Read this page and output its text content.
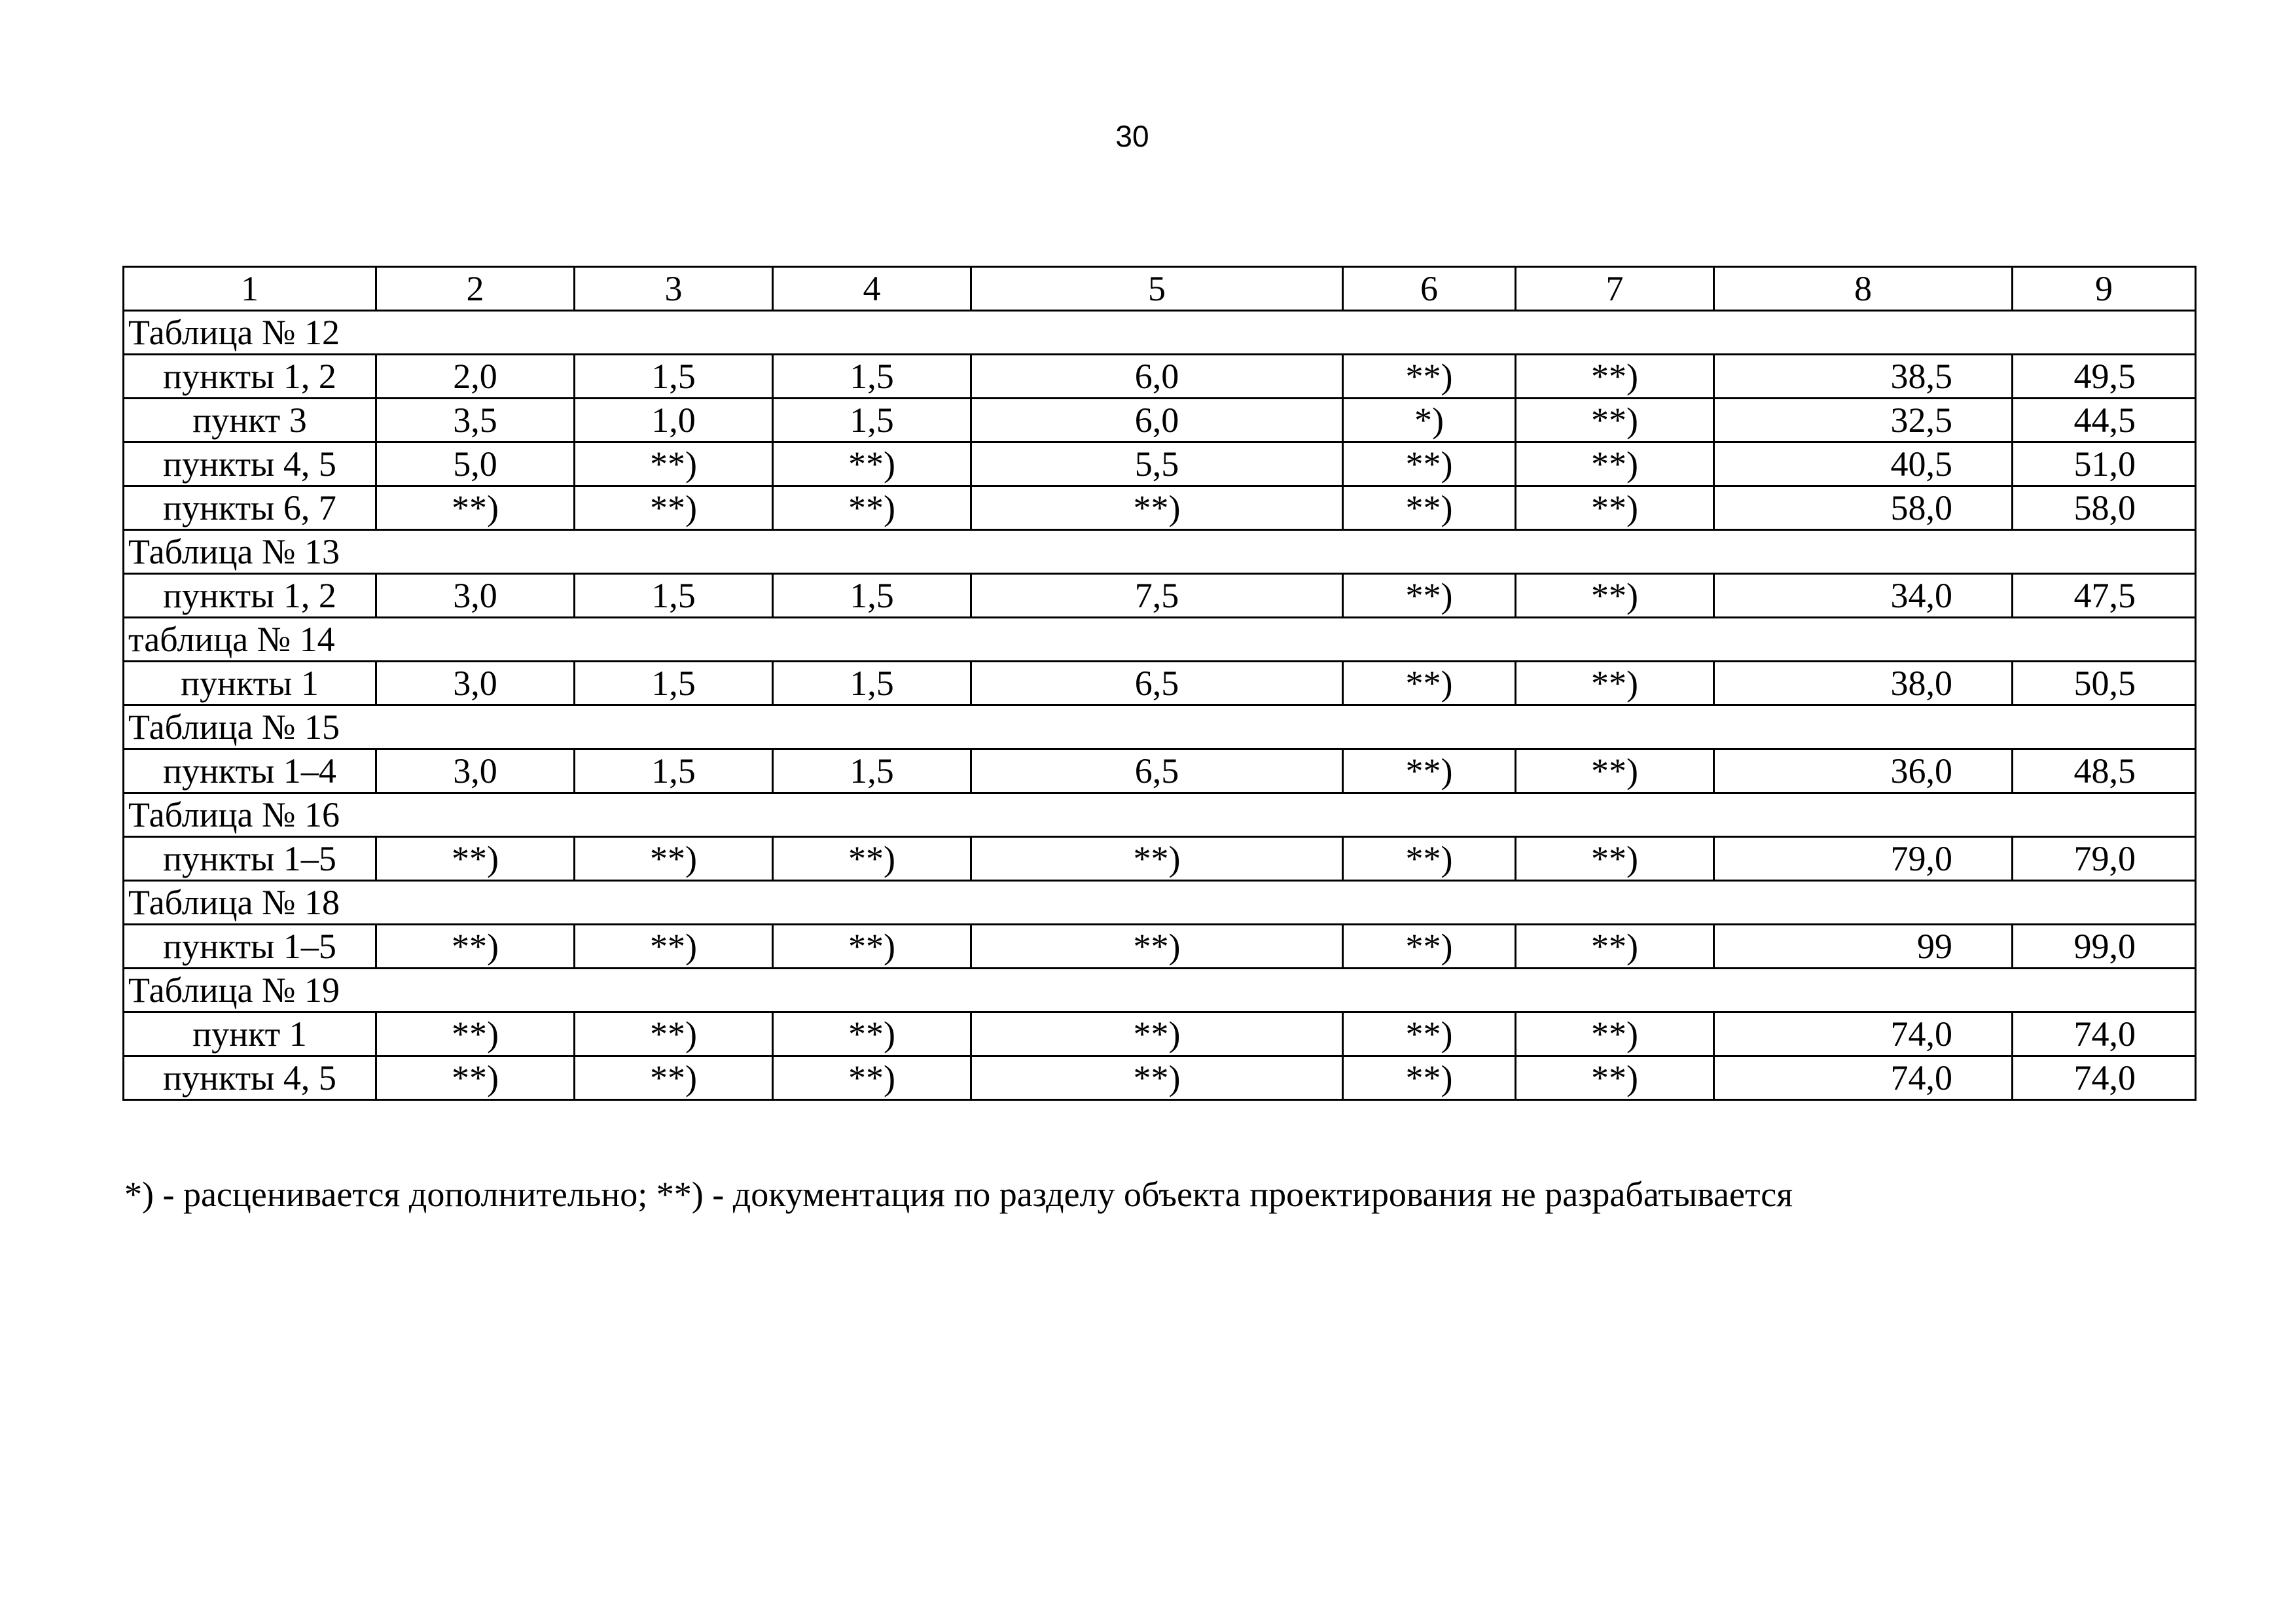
30
1	2	3	4	5	6	7	8	9
Таблица № 12								
пункты 1, 2	2,0	1,5	1,5	6,0	**)	**)	38,5	49,5
пункт 3	3,5	1,0	1,5	6,0	*)	**)	32,5	44,5
пункты 4, 5	5,0	**)	**)	5,5	**)	**)	40,5	51,0
пункты 6, 7	**)	**)	**)	**)	**)	**)	58,0	58,0
Таблица № 13								
пункты 1, 2	3,0	1,5	1,5	7,5	**)	**)	34,0	47,5
таблица № 14								
пункты 1	3,0	1,5	1,5	6,5	**)	**)	38,0	50,5
Таблица № 15								
пункты 1–4	3,0	1,5	1,5	6,5	**)	**)	36,0	48,5
Таблица № 16								
пункты 1–5	**)	**)	**)	**)	**)	**)	79,0	79,0
Таблица № 18								
пункты 1–5	**)	**)	**)	**)	**)	**)	99	99,0
Таблица № 19								
пункт 1	**)	**)	**)	**)	**)	**)	74,0	74,0
пункты 4, 5	**)	**)	**)	**)	**)	**)	74,0	74,0
*) - расценивается дополнительно; **) - документация по разделу объекта проектирования не разрабатывается
